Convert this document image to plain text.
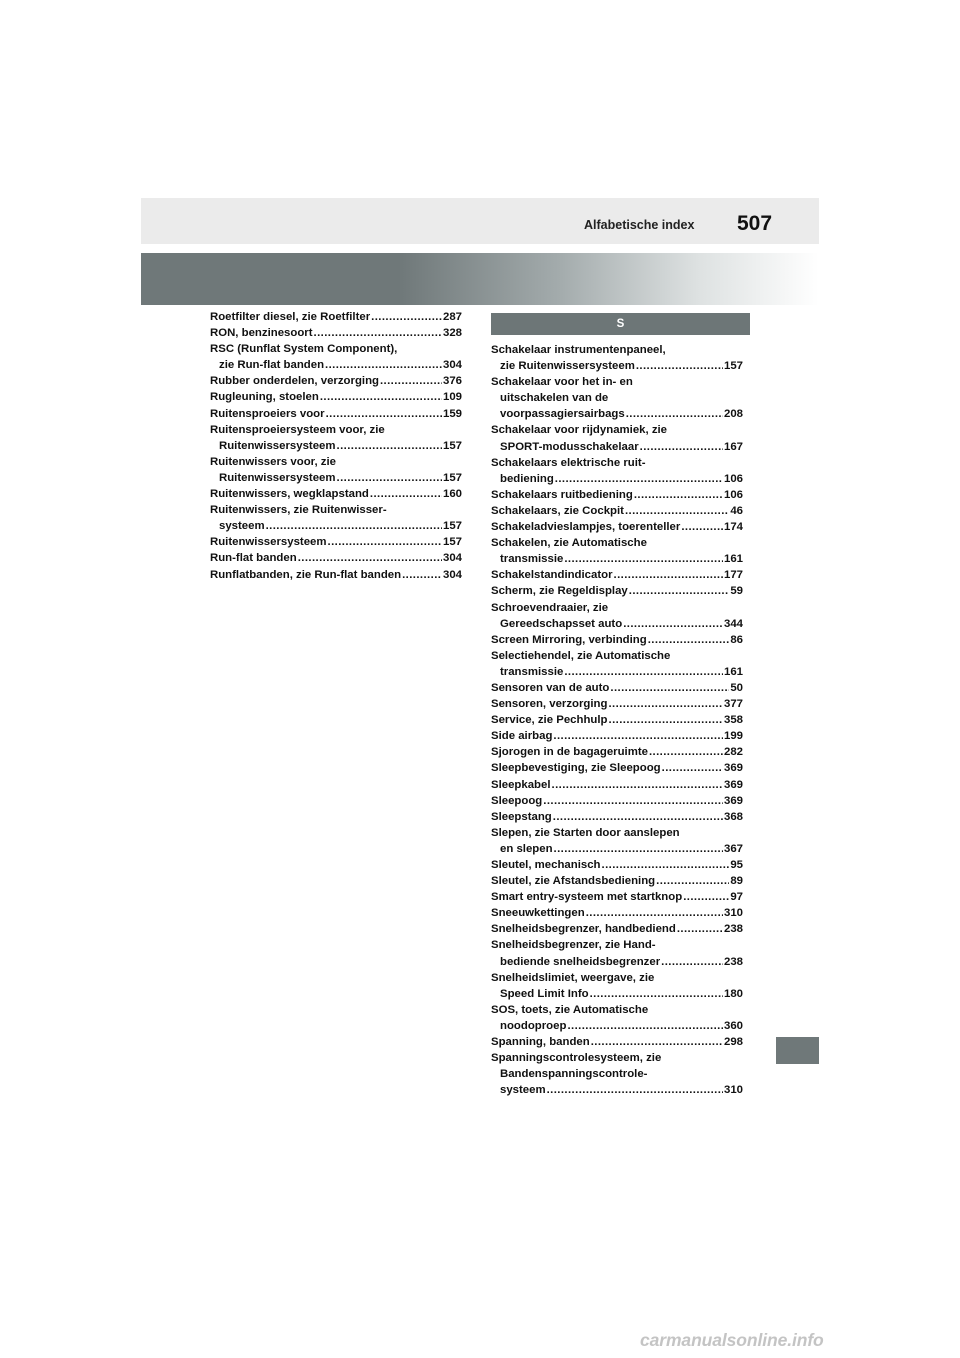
Alfabetische index 507
Roetfilter diesel, zie Roetfilter .....	287
RON, benzinesoort .....	328
RSC (Runflat System Component),
zie Run-flat banden .....	304
Rubber onderdelen, verzorging .....	376
Rugleuning, stoelen .....	109
Ruitensproeiers voor .....	159
Ruitensproeiersysteem voor, zie
Ruitenwissersysteem .....	157
Ruitenwissers voor, zie
Ruitenwissersysteem .....	157
Ruitenwissers, wegklapstand .....	160
Ruitenwissers, zie Ruitenwisser-
systeem .....	157
Ruitenwissersysteem .....	157
Run-flat banden .....	304
Runflatbanden, zie Run-flat banden .....	304
S
Schakelaar instrumentenpaneel,
zie Ruitenwissersysteem .....	157
Schakelaar voor het in- en
uitschakelen van de
voorpassagiersairbags .....	208
Schakelaar voor rijdynamiek, zie
SPORT-modusschakelaar .....	167
Schakelaars elektrische ruit-
bediening .....	106
Schakelaars ruitbediening .....	106
Schakelaars, zie Cockpit .....	46
Schakeladvieslampjes, toerenteller .....	174
Schakelen, zie Automatische
transmissie .....	161
Schakelstandindicator .....	177
Scherm, zie Regeldisplay .....	59
Schroevendraaier, zie
Gereedschapsset auto .....	344
Screen Mirroring, verbinding .....	86
Selectiehendel, zie Automatische
transmissie .....	161
Sensoren van de auto .....	50
Sensoren, verzorging .....	377
Service, zie Pechhulp .....	358
Side airbag .....	199
Sjorogen in de bagageruimte .....	282
Sleepbevestiging, zie Sleepoog .....	369
Sleepkabel .....	369
Sleepoog .....	369
Sleepstang .....	368
Slepen, zie Starten door aanslepen
en slepen .....	367
Sleutel, mechanisch .....	95
Sleutel, zie Afstandsbediening .....	89
Smart entry-systeem met startknop .....	97
Sneeuwkettingen .....	310
Snelheidsbegrenzer, handbediend .....	238
Snelheidsbegrenzer, zie Hand-
bediende snelheidsbegrenzer .....	238
Snelheidslimiet, weergave, zie
Speed Limit Info .....	180
SOS, toets, zie Automatische
noodoproep .....	360
Spanning, banden .....	298
Spanningscontrolesysteem, zie
Bandenspanningscontrole-
systeem .....	310
carmanualsonline.info
